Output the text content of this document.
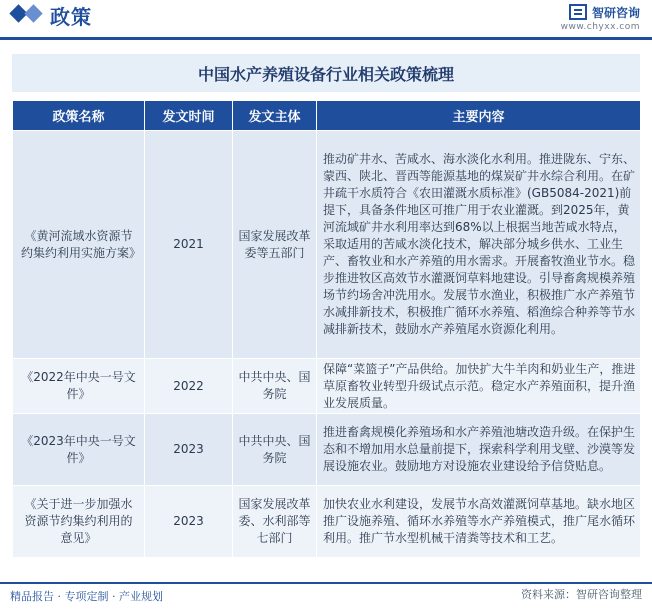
政策	智研咨询
www.chyxx.com
中国水产养殖设备行业相关政策梳理
政策名称	发文时间	发文主体	主要内容
《黄河流域水资源节约集约利用实施方案》	2021	国家发展改革委等五部门	推动矿井水、苦咸水、海水淡化水利用。推进陇东、宁东、蒙西、陕北、晋西等能源基地的煤炭矿井水综合利用。在矿井疏干水质符合《农田灌溉水质标准》(GB5084-2021)前提下，具备条件地区可推广用于农业灌溉。到2025年，黄河流域矿井水利用率达到68%以上根据当地苦咸水特点，采取适用的苦咸水淡化技术，解决部分城乡供水、工业生产、畜牧业和水产养殖的用水需求。开展畜牧渔业节水。稳步推进牧区高效节水灌溉饲草料地建设。引导畜禽规模养殖场节约场舍冲洗用水。发展节水渔业，积极推广水产养殖节水减排新技术，积极推广循环水养殖、稻渔综合种养等节水减排新技术，鼓励水产养殖尾水资源化利用。
《2022年中央一号文件》	2022	中共中央、国务院	保障“菜篮子”产品供给。加快扩大牛羊肉和奶业生产，推进草原畜牧业转型升级试点示范。稳定水产养殖面积，提升渔业发展质量。
《2023年中央一号文件》	2023	中共中央、国务院	推进畜禽规模化养殖场和水产养殖池塘改造升级。在保护生态和不增加用水总量前提下，探索科学利用戈壁、沙漠等发展设施农业。鼓励地方对设施农业建设给予信贷贴息。
《关于进一步加强水资源节约集约利用的意见》	2023	国家发展改革委、水利部等七部门	加快农业水利建设，发展节水高效灌溉饲草基地。缺水地区推广设施养殖、循环水养殖等水产养殖模式，推广尾水循环利用。推广节水型机械干清粪等技术和工艺。
精品报告 · 专项定制 · 产业规划	资料来源：智研咨询整理
